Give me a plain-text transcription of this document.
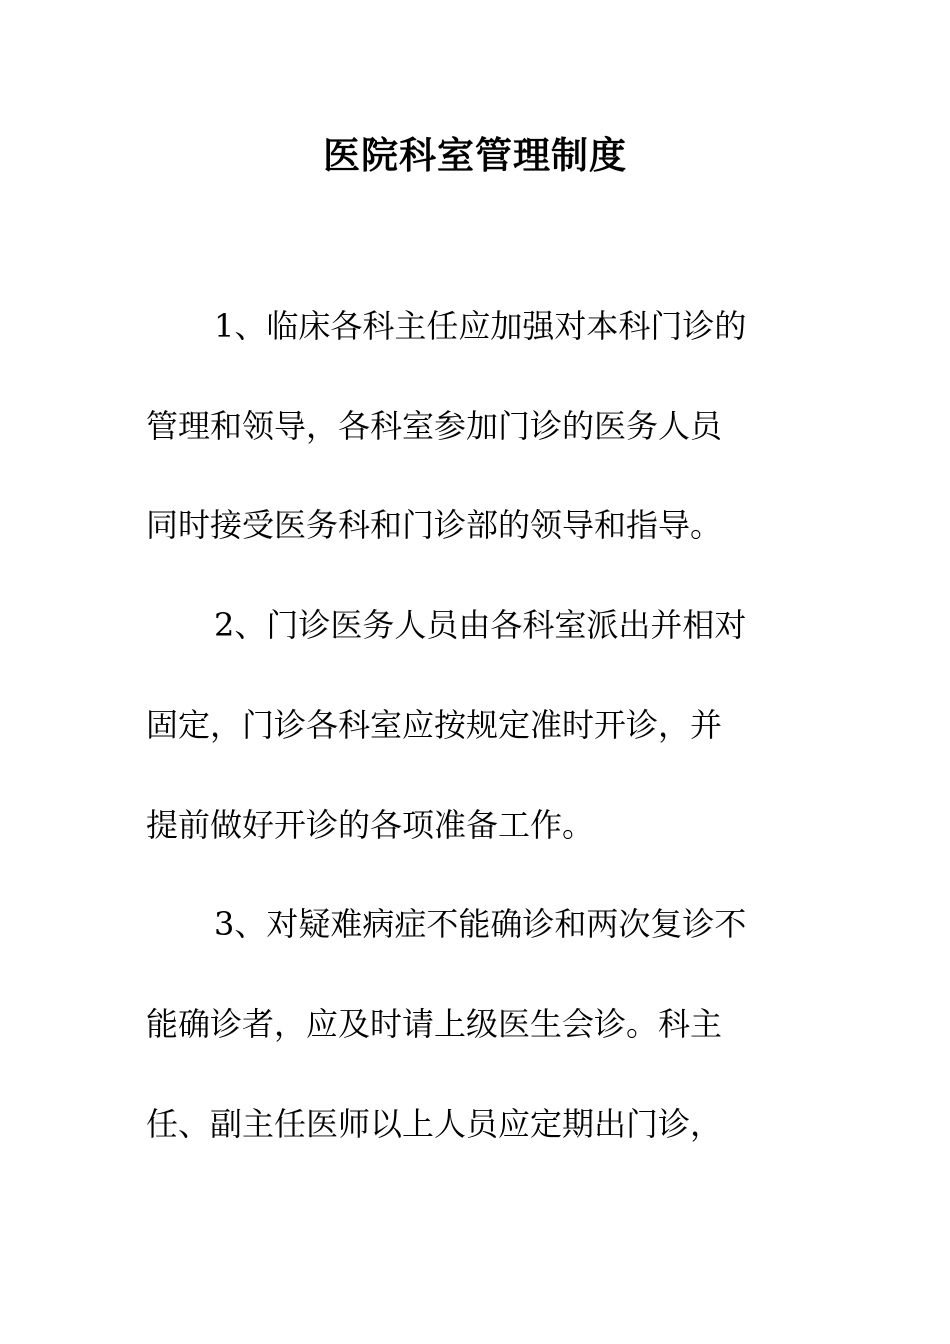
医院科室管理制度

1、临床各科主任应加强对本科门诊的

管理和领导，各科室参加门诊的医务人员

同时接受医务科和门诊部的领导和指导。

2、门诊医务人员由各科室派出并相对

固定，门诊各科室应按规定准时开诊，并

提前做好开诊的各项准备工作。

3、对疑难病症不能确诊和两次复诊不

能确诊者，应及时请上级医生会诊。科主

任、副主任医师以上人员应定期出门诊，
